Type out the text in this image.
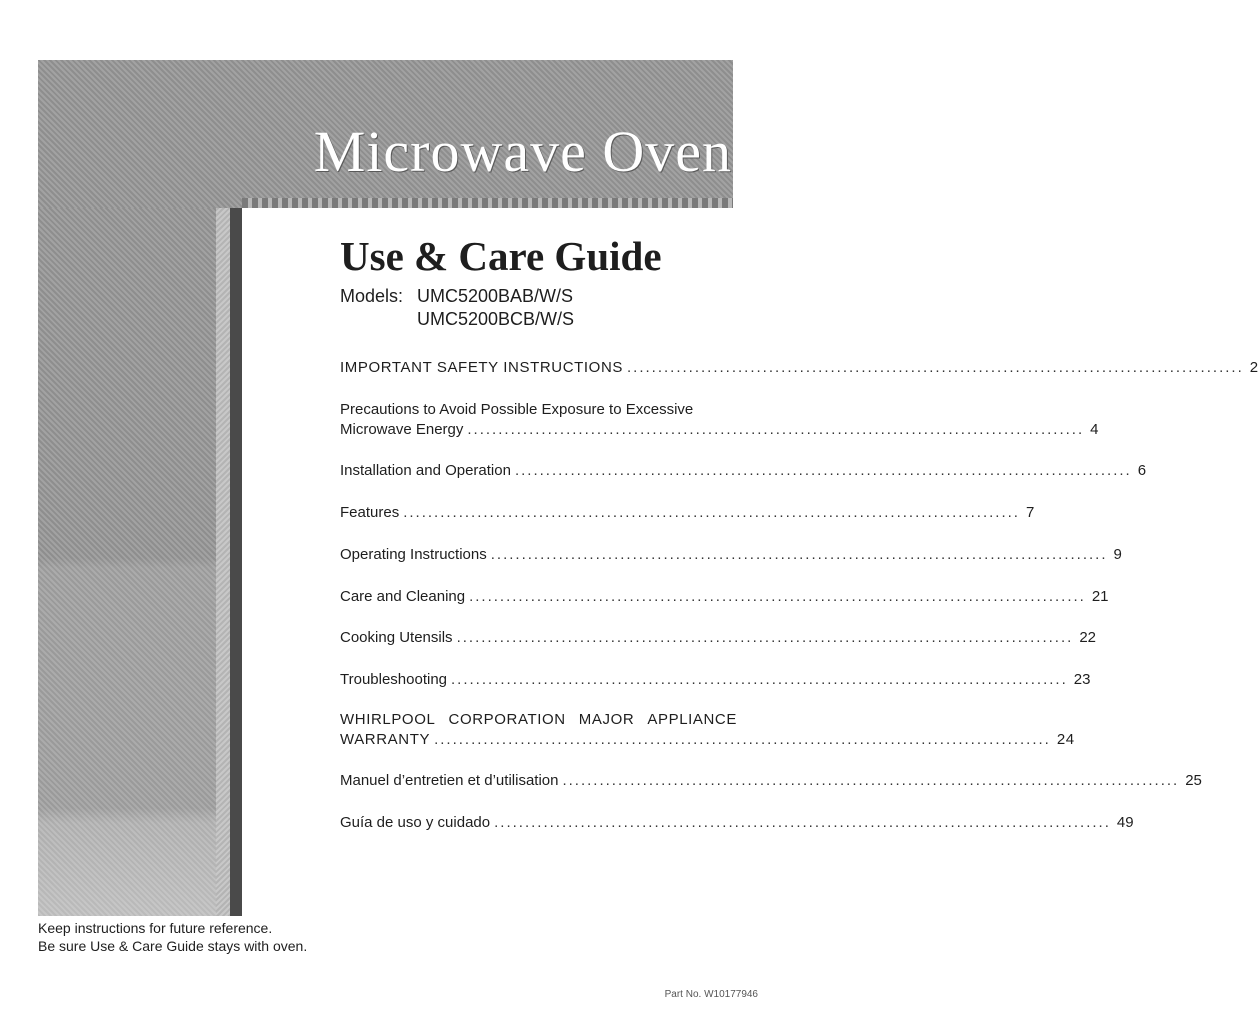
Microwave Oven
Use & Care Guide
Models: UMC5200BAB/W/S
UMC5200BCB/W/S
IMPORTANT SAFETY INSTRUCTIONS .................................................................................................... 2
Precautions to Avoid Possible Exposure to Excessive
Microwave Energy .................................................................................................... 4
Installation and Operation .................................................................................................... 6
Features .................................................................................................... 7
Operating Instructions .................................................................................................... 9
Care and Cleaning .................................................................................................... 21
Cooking Utensils .................................................................................................... 22
Troubleshooting .................................................................................................... 23
WHIRLPOOL CORPORATION MAJOR APPLIANCE
WARRANTY .................................................................................................... 24
Manuel d’entretien et d’utilisation .................................................................................................... 25
Guía de uso y cuidado .................................................................................................... 49
Keep instructions for future reference.
Be sure Use & Care Guide stays with oven.
Part No. W10177946
